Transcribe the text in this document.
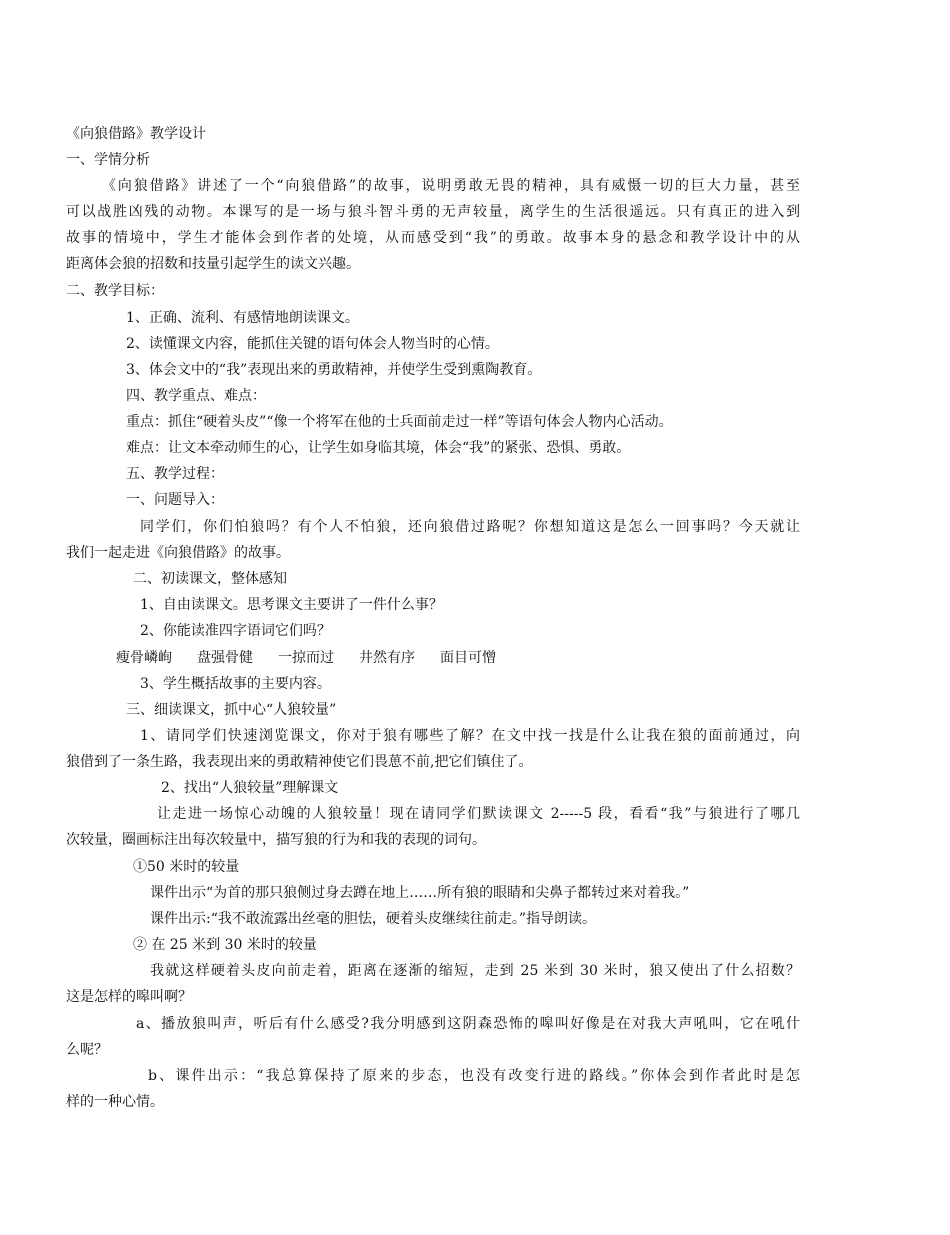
《向狼借路》教学设计
一、学情分析
《向狼借路》讲述了一个“向狼借路”的故事，说明勇敢无畏的精神，具有威慑一切的巨大力量，甚至
可以战胜凶残的动物。本课写的是一场与狼斗智斗勇的无声较量，离学生的生活很遥远。只有真正的进入到
故事的情境中，学生才能体会到作者的处境，从而感受到“我”的勇敢。故事本身的悬念和教学设计中的从
距离体会狼的招数和技量引起学生的读文兴趣。
二、教学目标：
1、正确、流利、有感情地朗读课文。
2、读懂课文内容，能抓住关键的语句体会人物当时的心情。
3、体会文中的“我”表现出来的勇敢精神，并使学生受到熏陶教育。
四、教学重点、难点：
重点：抓住“硬着头皮”“像一个将军在他的士兵面前走过一样”等语句体会人物内心活动。
难点：让文本牵动师生的心，让学生如身临其境，体会“我”的紧张、恐惧、勇敢。
五、教学过程：
一、问题导入：
同学们，你们怕狼吗？有个人不怕狼，还向狼借过路呢？你想知道这是怎么一回事吗？今天就让
我们一起走进《向狼借路》的故事。
二、初读课文，整体感知
1、自由读课文。思考课文主要讲了一件什么事？
2、你能读准四字语词它们吗？
瘦骨嶙峋 盘强骨健 一掠而过 井然有序 面目可憎
3、学生概括故事的主要内容。
三、细读课文，抓中心“人狼较量”
1、请同学们快速浏览课文，你对于狼有哪些了解？在文中找一找是什么让我在狼的面前通过，向
狼借到了一条生路，我表现出来的勇敢精神使它们畏葸不前,把它们镇住了。
2、找出“人狼较量”理解课文
让走进一场惊心动魄的人狼较量！现在请同学们默读课文 2-----5 段，看看“我”与狼进行了哪几
次较量，圈画标注出每次较量中，描写狼的行为和我的表现的词句。
①50 米时的较量
课件出示“为首的那只狼侧过身去蹲在地上……所有狼的眼睛和尖鼻子都转过来对着我。”
课件出示:“我不敢流露出丝毫的胆怯，硬着头皮继续往前走。”指导朗读。
② 在 25 米到 30 米时的较量
我就这样硬着头皮向前走着，距离在逐渐的缩短，走到 25 米到 30 米时，狼又使出了什么招数？
这是怎样的嗥叫啊？
a、播放狼叫声，听后有什么感受?我分明感到这阴森恐怖的嗥叫好像是在对我大声吼叫，它在吼什
么呢？
b、课件出示：“我总算保持了原来的步态，也没有改变行进的路线。”你体会到作者此时是怎
样的一种心情。
